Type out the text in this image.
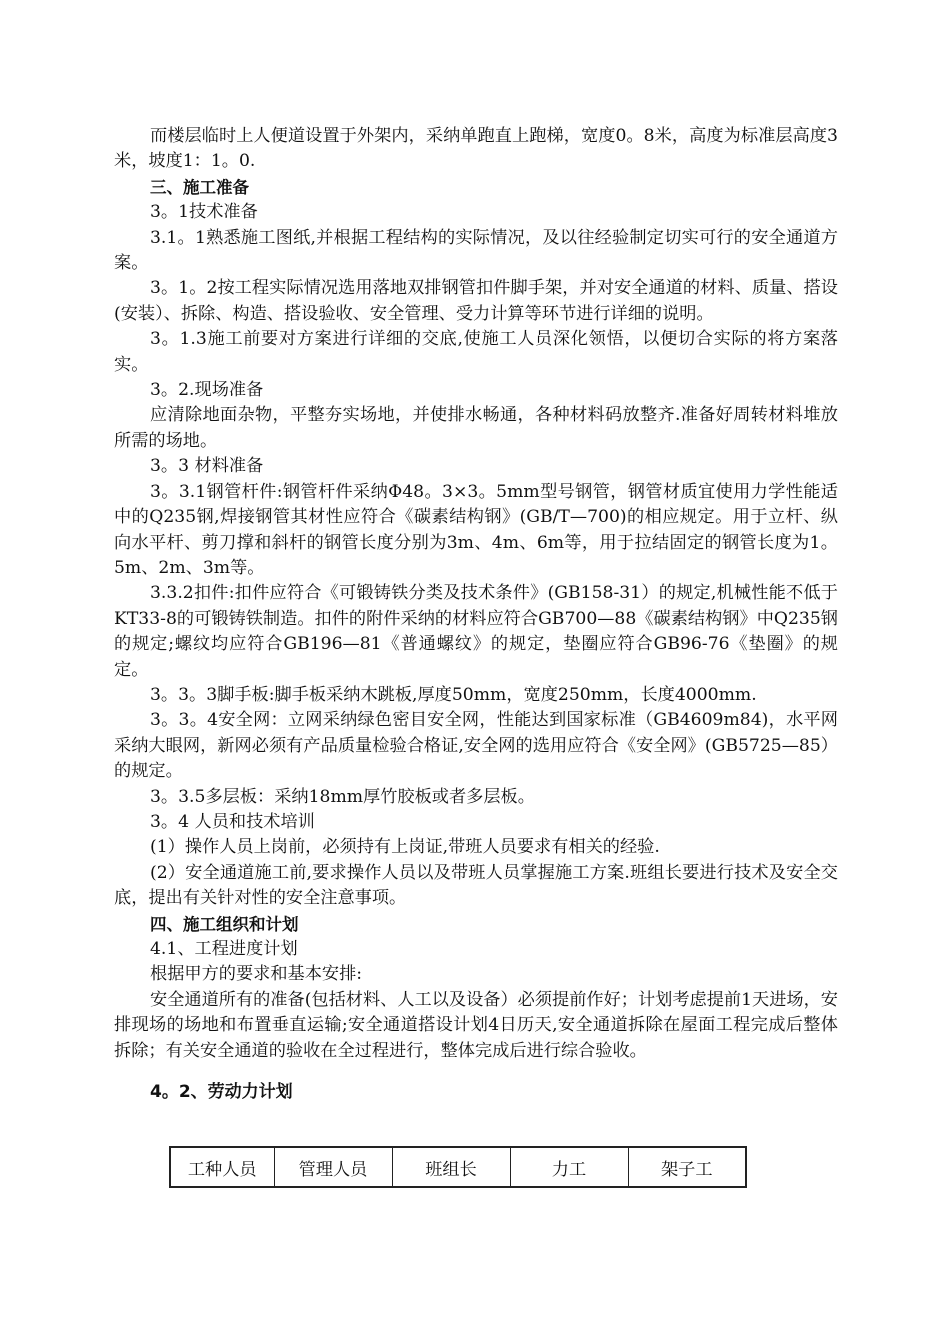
而楼层临时上人便道设置于外架内，采纳单跑直上跑梯，宽度0。8米，高度为标准层高度3米，坡度1：1。0.

三、施工准备

3。1技术准备

3.1。1熟悉施工图纸,并根据工程结构的实际情况，及以往经验制定切实可行的安全通道方案。

3。1。2按工程实际情况选用落地双排钢管扣件脚手架，并对安全通道的材料、质量、搭设(安装）、拆除、构造、搭设验收、安全管理、受力计算等环节进行详细的说明。

3。1.3施工前要对方案进行详细的交底,使施工人员深化领悟，以便切合实际的将方案落实。

3。2.现场准备

应清除地面杂物，平整夯实场地，并使排水畅通，各种材料码放整齐.准备好周转材料堆放所需的场地。

3。3 材料准备

3。3.1钢管杆件:钢管杆件采纳Φ48。3×3。5mm型号钢管，钢管材质宜使用力学性能适中的Q235钢,焊接钢管其材性应符合《碳素结构钢》(GB/T—700)的相应规定。用于立杆、纵向水平杆、剪刀撑和斜杆的钢管长度分别为3m、4m、6m等，用于拉结固定的钢管长度为1。5m、2m、3m等。

3.3.2扣件:扣件应符合《可锻铸铁分类及技术条件》(GB158-31）的规定,机械性能不低于KT33-8的可锻铸铁制造。扣件的附件采纳的材料应符合GB700—88《碳素结构钢》中Q235钢的规定;螺纹均应符合GB196—81《普通螺纹》的规定，垫圈应符合GB96-76《垫圈》的规定。

3。3。3脚手板:脚手板采纳木跳板,厚度50mm，宽度250mm，长度4000mm.

3。3。4安全网：立网采纳绿色密目安全网，性能达到国家标准（GB4609m84)，水平网采纳大眼网，新网必须有产品质量检验合格证,安全网的选用应符合《安全网》(GB5725—85）的规定。

3。3.5多层板：采纳18mm厚竹胶板或者多层板。

3。4 人员和技术培训

(1）操作人员上岗前，必须持有上岗证,带班人员要求有相关的经验.

(2）安全通道施工前,要求操作人员以及带班人员掌握施工方案.班组长要进行技术及安全交底，提出有关针对性的安全注意事项。

四、施工组织和计划

4.1、工程进度计划

根据甲方的要求和基本安排:

安全通道所有的准备(包括材料、人工以及设备）必须提前作好；计划考虑提前1天进场，安排现场的场地和布置垂直运输;安全通道搭设计划4日历天,安全通道拆除在屋面工程完成后整体拆除；有关安全通道的验收在全过程进行，整体完成后进行综合验收。

4。2、劳动力计划

工种人员	管理人员	班组长	力工	架子工
